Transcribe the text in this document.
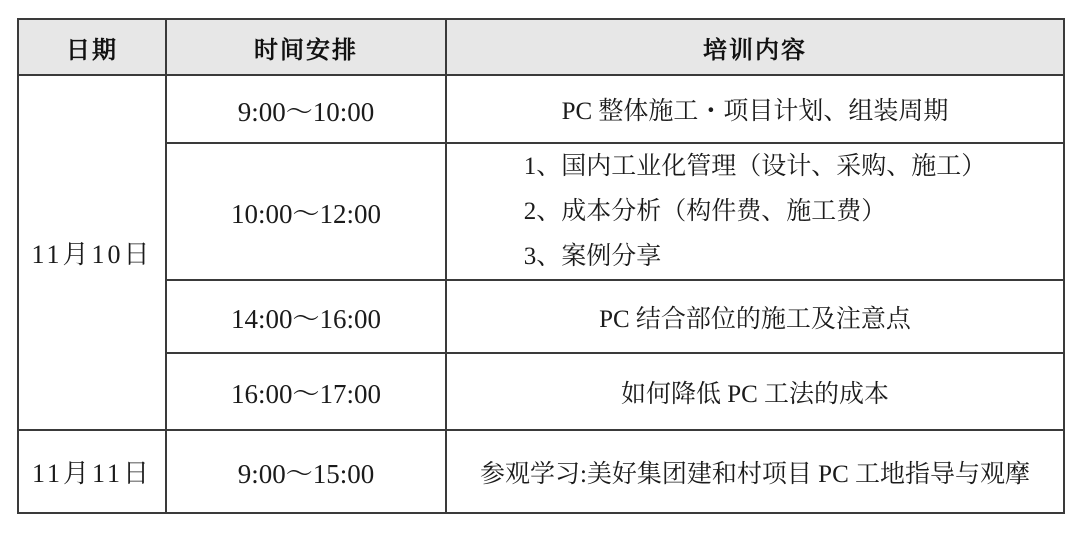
日期	时间安排	培训内容
11月10日	9:00～10:00	PC 整体施工・项目计划、组装周期
	10:00～12:00	1、国内工业化管理（设计、采购、施工）
2、成本分析（构件费、施工费）
3、案例分享

	14:00～16:00	PC 结合部位的施工及注意点
	16:00～17:00	如何降低 PC 工法的成本
11月11日	9:00～15:00	参观学习:美好集团建和村项目 PC 工地指导与观摩
